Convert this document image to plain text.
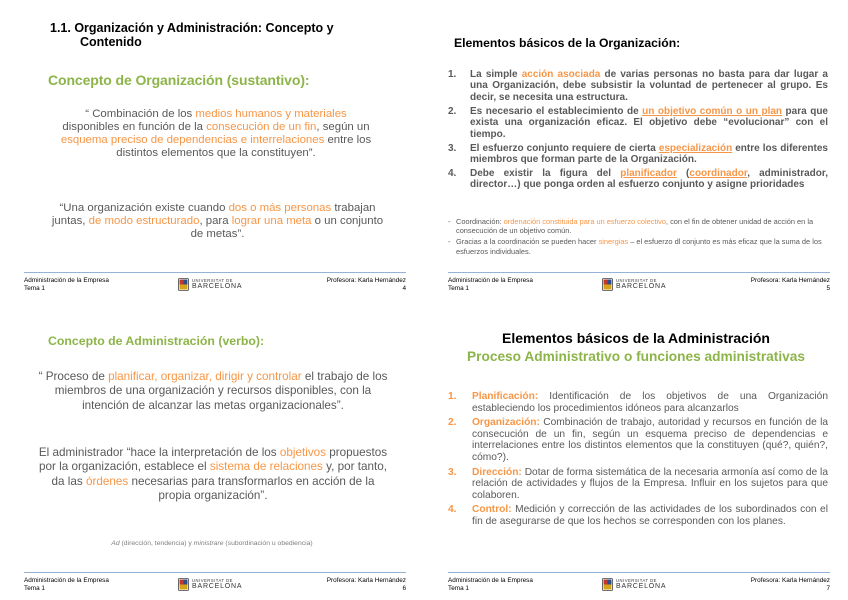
1.1. Organización y Administración: Concepto y
Contenido
Concepto de Organización (sustantivo):

“ Combinación de los medios humanos y materiales disponibles en función de la consecución de un fin, según un esquema preciso de dependencias e interrelaciones entre los distintos elementos que la constituyen”.

“Una organización existe cuando dos o más personas trabajan juntas, de modo estructurado, para lograr una meta o un conjunto de metas”.

Administración de la Empresa
Tema 1
UNIVERSITAT DE
BARCELONA
Profesora: Karla Hernández
4
Elementos básicos de la Organización:
1. La simple acción asociada de varias personas no basta para dar lugar a una Organización, debe subsistir la voluntad de pertenecer al grupo. Es decir, se necesita una estructura.
2. Es necesario el establecimiento de un objetivo común o un plan para que exista una organización eficaz. El objetivo debe “evolucionar” con el tiempo.
3. El esfuerzo conjunto requiere de cierta especialización entre los diferentes miembros que forman parte de la Organización.
4. Debe existir la figura del planificador (coordinador, administrador, director…) que ponga orden al esfuerzo conjunto y asigne prioridades

- Coordinación: ordenación constituida para un esfuerzo colectivo, con el fin de obtener unidad de acción en la consecución de un objetivo común.

- Gracias a la coordinación se pueden hacer sinergias – el esfuerzo dl conjunto es más eficaz que la suma de los esfuerzos individuales.

Administración de la Empresa
Tema 1
UNIVERSITAT DE
BARCELONA
Profesora: Karla Hernández
5
Concepto de Administración (verbo):

“ Proceso de planificar, organizar, dirigir y controlar el trabajo de los miembros de una organización y recursos disponibles, con la intención de alcanzar las metas organizacionales”.

El administrador “hace la interpretación de los objetivos propuestos por la organización, establece el sistema de relaciones y, por tanto, da las órdenes necesarias para transformarlos en acción de la propia organización”.

Ad (dirección, tendencia) y ministrare (subordinación u obediencia)

Administración de la Empresa
Tema 1
UNIVERSITAT DE
BARCELONA
Profesora: Karla Hernández
6
Elementos básicos de la Administración
Proceso Administrativo o funciones administrativas
1. Planificación: Identificación de los objetivos de una Organización estableciendo los procedimientos idóneos para alcanzarlos
2. Organización: Combinación de trabajo, autoridad y recursos en función de la consecución de un fin, según un esquema preciso de dependencias e interrelaciones entre los distintos elementos que la constituyen (qué?, quién?, cómo?).
3. Dirección: Dotar de forma sistemática de la necesaria armonía así como de la relación de actividades y flujos de la Empresa. Influir en los sujetos para que colaboren.
4. Control: Medición y corrección de las actividades de los subordinados con el fin de asegurarse de que los hechos se corresponden con los planes.
Administración de la Empresa
Tema 1
UNIVERSITAT DE
BARCELONA
Profesora: Karla Hernández
7
